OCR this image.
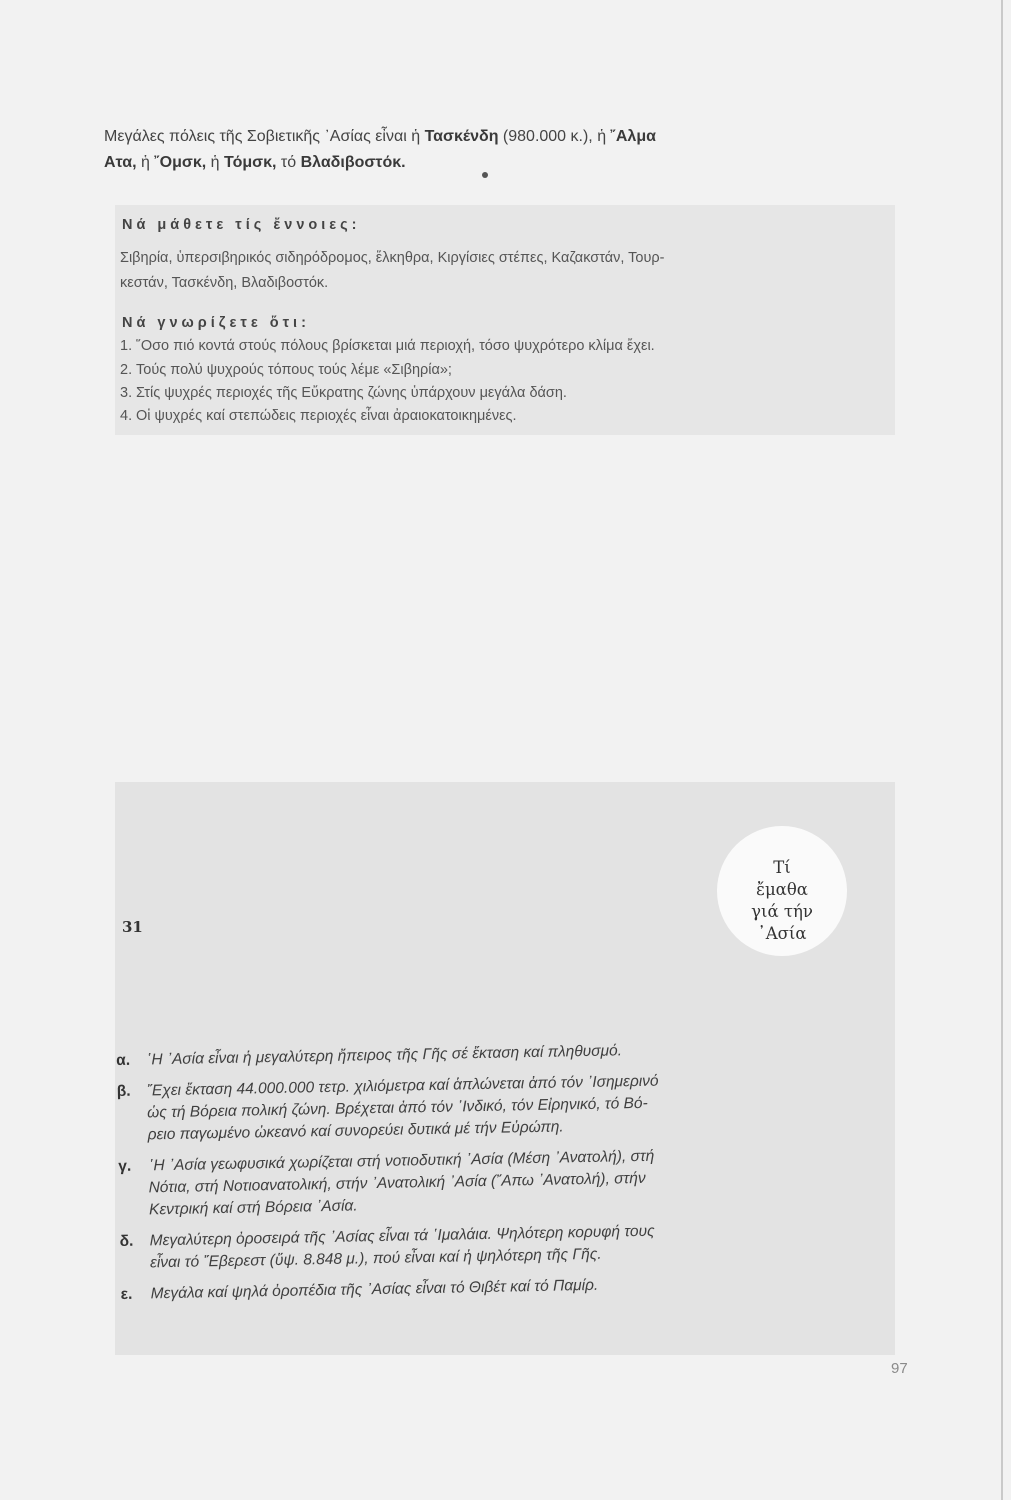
Μεγάλες πόλεις τῆς Σοβιετικῆς ᾿Ασίας εἶναι ἡ Τασκένδη (980.000 κ.), ἡ ῎Αλμα
Ατα, ἡ ῎Ομσκ, ἡ Τόμσκ, τό Βλαδιβοστόκ.
Νά μάθετε τίς ἔννοιες:
Σιβηρία, ὑπερσιβηρικός σιδηρόδρομος, ἕλκηθρα, Κιργίσιες στέπες, Καζακστάν, Τουρ-
κεστάν, Τασκένδη, Βλαδιβοστόκ.
Νά γνωρίζετε ὅτι:
1. ῞Οσο πιό κοντά στούς πόλους βρίσκεται μιά περιοχή, τόσο ψυχρότερο κλίμα ἔχει.
2. Τούς πολύ ψυχρούς τόπους τούς λέμε «Σιβηρία»;
3. Στίς ψυχρές περιοχές τῆς Εὔκρατης ζώνης ὑπάρχουν μεγάλα δάση.
4. Οἱ ψυχρές καί στεπώδεις περιοχές εἶναι ἀραιοκατοικημένες.
Τί
ἔμαθα
γιά τήν
᾿Ασία
31
α. ῾Η ᾿Ασία εἶναι ἡ μεγαλύτερη ἤπειρος τῆς Γῆς σέ ἔκταση καί πληθυσμό.
β. ῎Εχει ἔκταση 44.000.000 τετρ. χιλιόμετρα καί ἁπλώνεται ἀπό τόν ᾿Ισημερινό
ὡς τή Βόρεια πολική ζώνη. Βρέχεται ἀπό τόν ᾿Ινδικό, τόν Εἰρηνικό, τό Βό-
ρειο παγωμένο ὠκεανό καί συνορεύει δυτικά μέ τήν Εὐρώπη.
γ. ῾Η ᾿Ασία γεωφυσικά χωρίζεται στή νοτιοδυτική ᾿Ασία (Μέση ᾿Ανατολή), στή
Νότια, στή Νοτιοανατολική, στήν ᾿Ανατολική ᾿Ασία (῎Απω ᾿Ανατολή), στήν
Κεντρική καί στή Βόρεια ᾿Ασία.
δ. Μεγαλύτερη ὀροσειρά τῆς ᾿Ασίας εἶναι τά ῾Ιμαλάια. Ψηλότερη κορυφή τους
εἶναι τό ῎Εβερεστ (ὕψ. 8.848 μ.), πού εἶναι καί ἡ ψηλότερη τῆς Γῆς.
ε. Μεγάλα καί ψηλά ὀροπέδια τῆς ᾿Ασίας εἶναι τό Θιβέτ καί τό Παμίρ.
97
